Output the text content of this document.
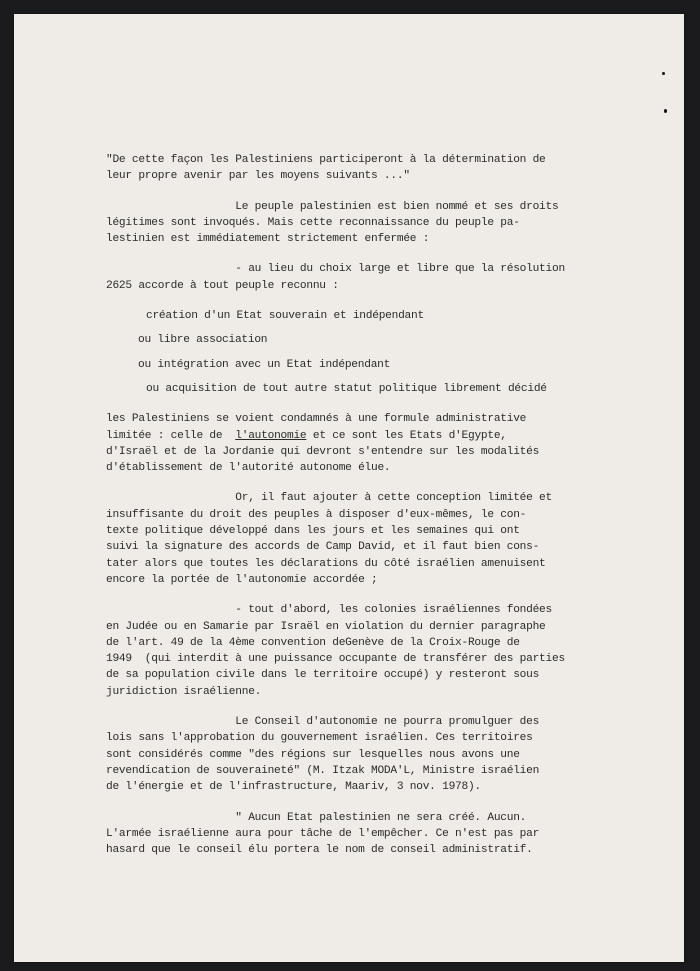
"De cette façon les Palestiniens participeront à la détermination de

leur propre avenir par les moyens suivants ..."

Le peuple palestinien est bien nommé et ses droits

légitimes sont invoqués. Mais cette reconnaissance du peuple pa-

lestinien est immédiatement strictement enfermée :

- au lieu du choix large et libre que la résolution

2625 accorde à tout peuple reconnu :

création d'un Etat souverain et indépendant

ou libre association

ou intégration avec un Etat indépendant

ou acquisition de tout autre statut politique librement décidé

les Palestiniens se voient condamnés à une formule administrative

limitée : celle de  l'autonomie et ce sont les Etats d'Egypte,

d'Israël et de la Jordanie qui devront s'entendre sur les modalités

d'établissement de l'autorité autonome élue.

Or, il faut ajouter à cette conception limitée et

insuffisante du droit des peuples à disposer d'eux-mêmes, le con-

texte politique développé dans les jours et les semaines qui ont

suivi la signature des accords de Camp David, et il faut bien cons-

tater alors que toutes les déclarations du côté israélien amenuisent

encore la portée de l'autonomie accordée ;

- tout d'abord, les colonies israéliennes fondées

en Judée ou en Samarie par Israël en violation du dernier paragraphe

de l'art. 49 de la 4ème convention deGenève de la Croix-Rouge de

1949  (qui interdit à une puissance occupante de transférer des parties

de sa population civile dans le territoire occupé) y resteront sous

juridiction israélienne.

Le Conseil d'autonomie ne pourra promulguer des

lois sans l'approbation du gouvernement israélien. Ces territoires

sont considérés comme "des régions sur lesquelles nous avons une

revendication de souveraineté" (M. Itzak MODA'L, Ministre israélien

de l'énergie et de l'infrastructure, Maariv, 3 nov. 1978).

" Aucun Etat palestinien ne sera créé. Aucun.

L'armée israélienne aura pour tâche de l'empêcher. Ce n'est pas par

hasard que le conseil élu portera le nom de conseil administratif.
